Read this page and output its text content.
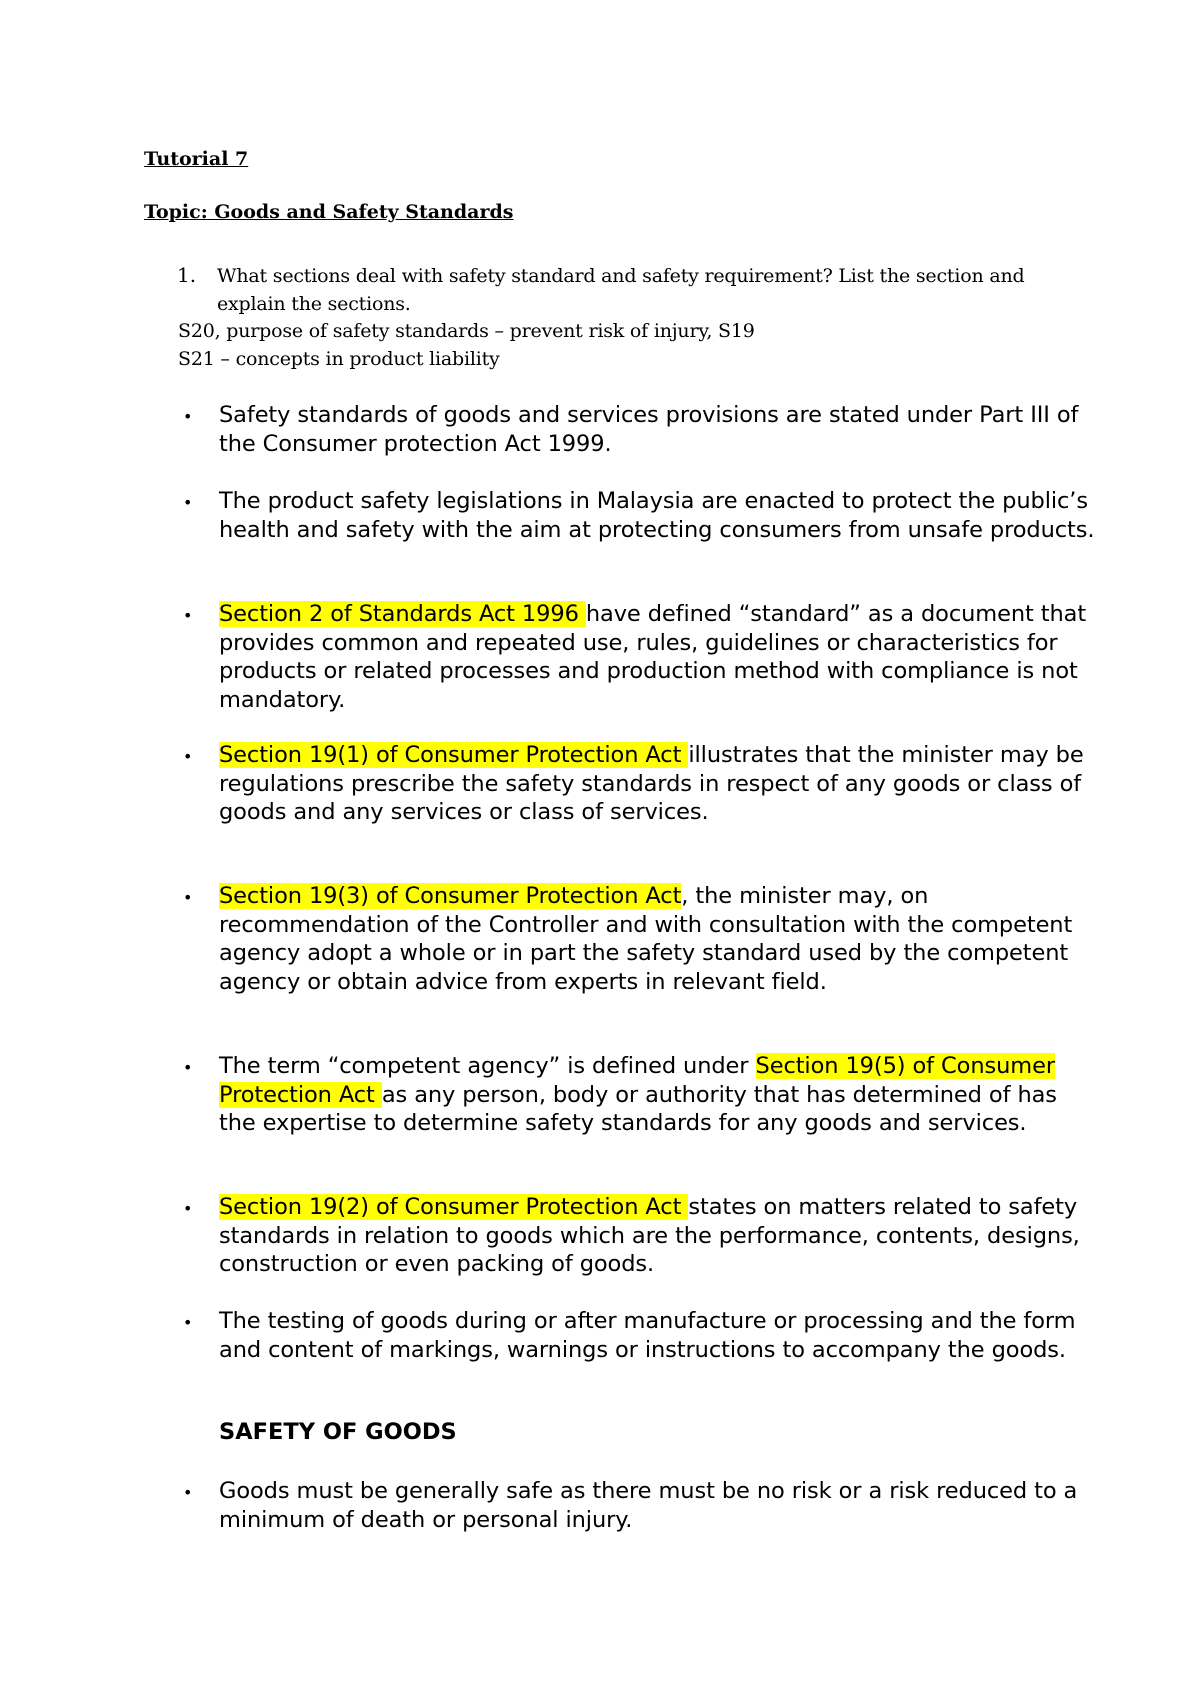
Tutorial 7
Topic: Goods and Safety Standards
1. What sections deal with safety standard and safety requirement? List the section and explain the sections.
S20, purpose of safety standards – prevent risk of injury, S19
S21 – concepts in product liability
• Safety standards of goods and services provisions are stated under Part III of the Consumer protection Act 1999.
• The product safety legislations in Malaysia are enacted to protect the public’s health and safety with the aim at protecting consumers from unsafe products.
• Section 2 of Standards Act 1996 have defined “standard” as a document that provides common and repeated use, rules, guidelines or characteristics for products or related processes and production method with compliance is not mandatory.
• Section 19(1) of Consumer Protection Act illustrates that the minister may be regulations prescribe the safety standards in respect of any goods or class of goods and any services or class of services.
• Section 19(3) of Consumer Protection Act, the minister may, on recommendation of the Controller and with consultation with the competent agency adopt a whole or in part the safety standard used by the competent agency or obtain advice from experts in relevant field.
• The term “competent agency” is defined under Section 19(5) of Consumer Protection Act as any person, body or authority that has determined of has the expertise to determine safety standards for any goods and services.
• Section 19(2) of Consumer Protection Act states on matters related to safety standards in relation to goods which are the performance, contents, designs, construction or even packing of goods.
• The testing of goods during or after manufacture or processing and the form and content of markings, warnings or instructions to accompany the goods.
SAFETY OF GOODS
• Goods must be generally safe as there must be no risk or a risk reduced to a minimum of death or personal injury.
